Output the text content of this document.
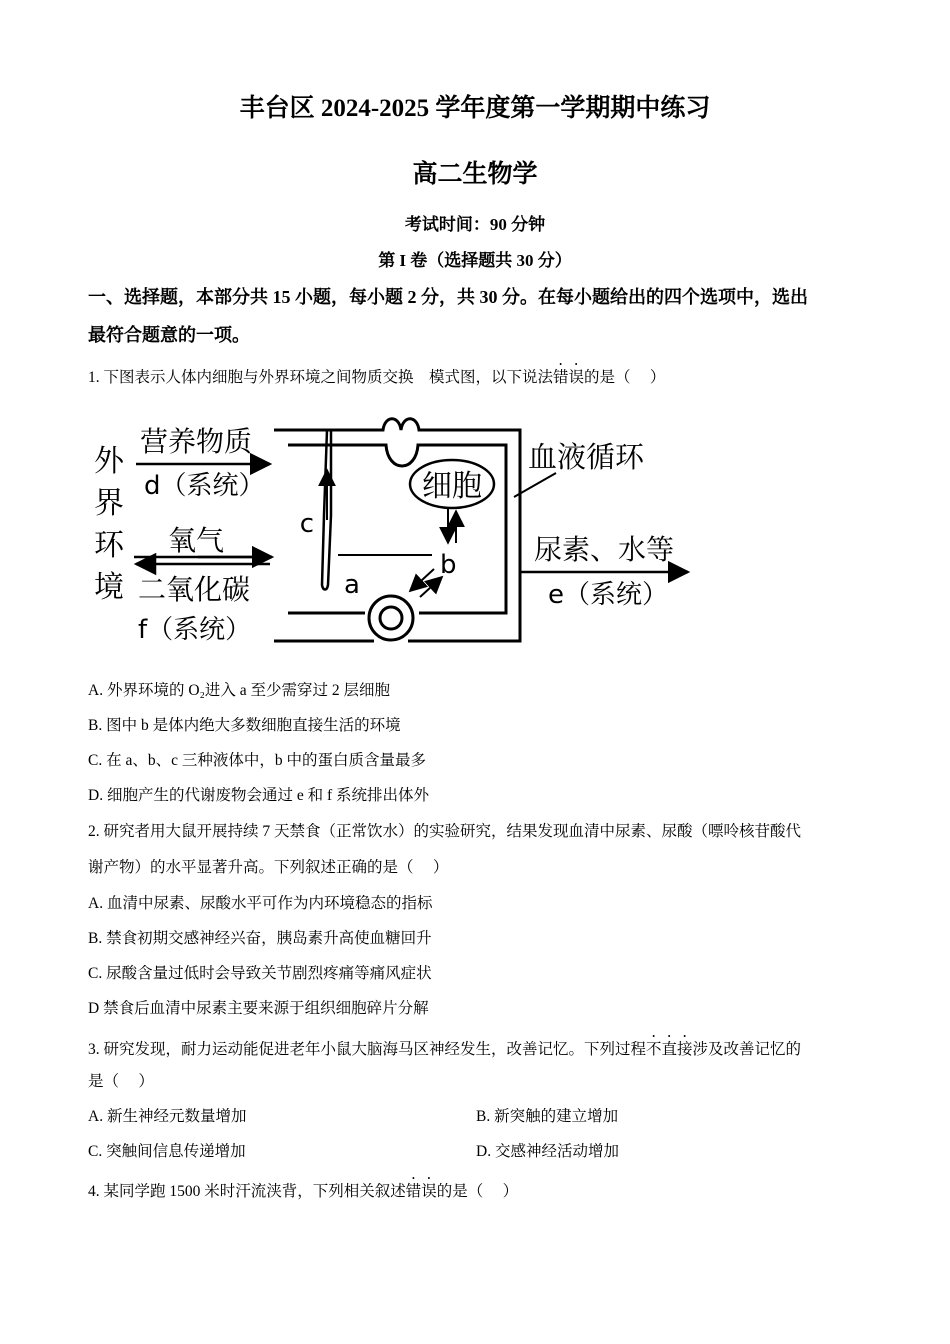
丰台区 2024-2025 学年度第一学期期中练习
高二生物学
考试时间：90 分钟
第 I 卷（选择题共 30 分）
一、选择题，本部分共 15 小题，每小题 2 分，共 30 分。在每小题给出的四个选项中，选出
最符合题意的一项。
1. 下图表示人体内细胞与外界环境之间物质交换　模式图，以下说法错误的是（　 ）
细胞
c
b
a
血液循环
外
界
环
境
营养物质
d（系统）
氧气
二氧化碳
f（系统）
尿素、水等
e（系统）
A. 外界环境的 O₂进入 a 至少需穿过 2 层细胞
B. 图中 b 是体内绝大多数细胞直接生活的环境
C. 在 a、b、c 三种液体中，b 中的蛋白质含量最多
D. 细胞产生的代谢废物会通过 e 和 f 系统排出体外
2. 研究者用大鼠开展持续 7 天禁食（正常饮水）的实验研究，结果发现血清中尿素、尿酸（嘌呤核苷酸代
谢产物）的水平显著升高。下列叙述正确的是（　 ）
A. 血清中尿素、尿酸水平可作为内环境稳态的指标
B. 禁食初期交感神经兴奋，胰岛素升高使血糖回升
C. 尿酸含量过低时会导致关节剧烈疼痛等痛风症状
D 禁食后血清中尿素主要来源于组织细胞碎片分解
3. 研究发现，耐力运动能促进老年小鼠大脑海马区神经发生，改善记忆。下列过程不直接涉及改善记忆的
是（　 ）
A. 新生神经元数量增加	B. 新突触的建立增加
C. 突触间信息传递增加	D. 交感神经活动增加
4. 某同学跑 1500 米时汗流浃背，下列相关叙述错误的是（　 ）
